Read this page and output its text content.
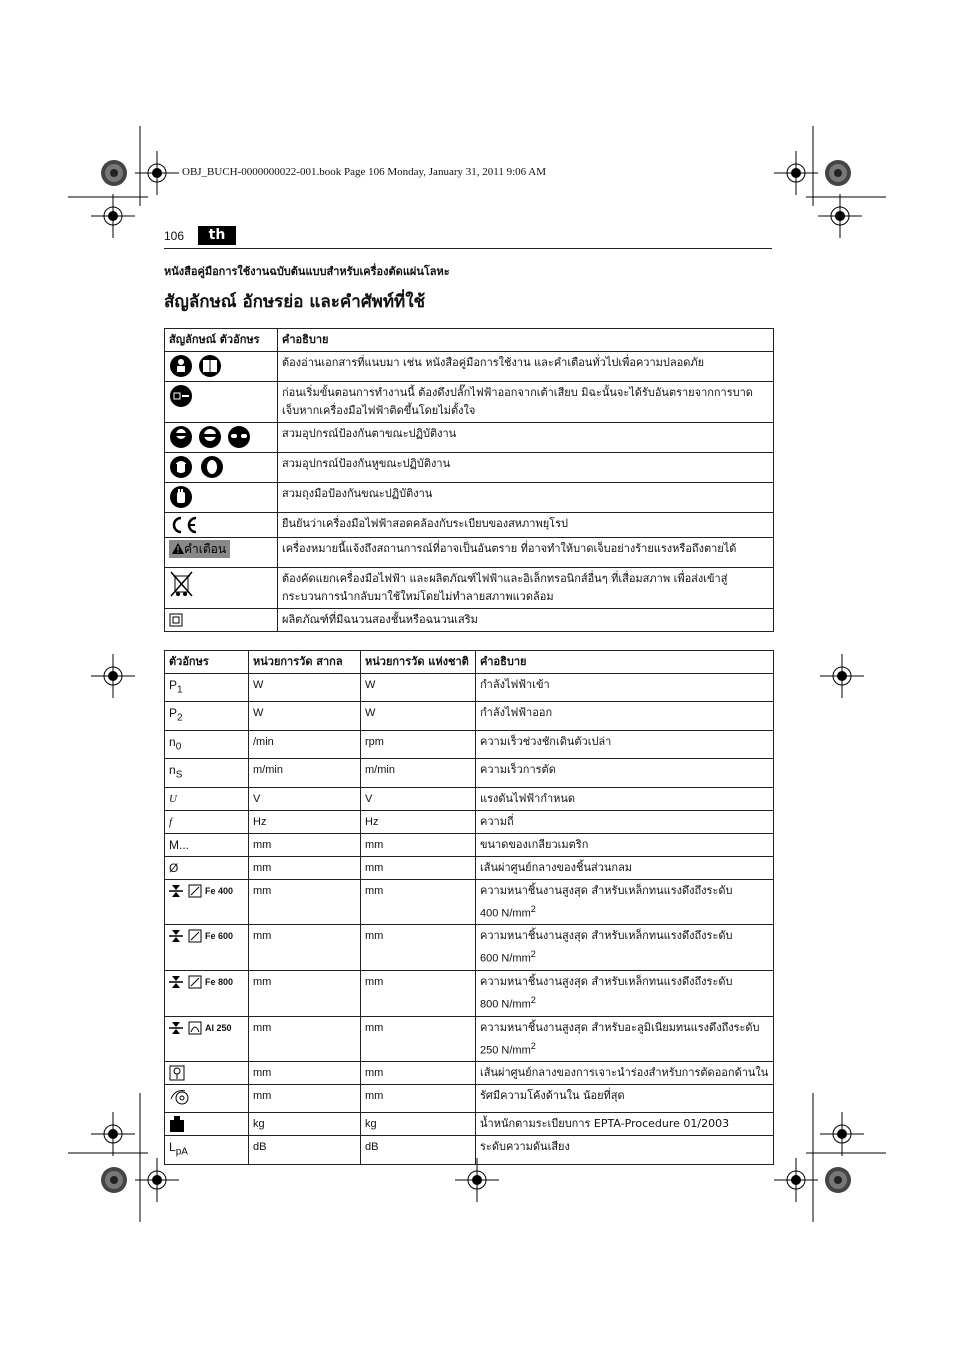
OBJ_BUCH-0000000022-001.book Page 106 Monday, January 31, 2011 9:06 AM
106	th
หนังสือคู่มือการใช้งานฉบับต้นแบบสำหรับเครื่องตัดแผ่นโลหะ
สัญลักษณ์ อักษรย่อ และคำศัพท์ที่ใช้
สัญลักษณ์ ตัวอักษร	คำอธิบาย
	ต้องอ่านเอกสารที่แนบมา เช่น หนังสือคู่มือการใช้งาน และคำเตือนทั่วไปเพื่อความปลอดภัย
	ก่อนเริ่มขั้นตอนการทำงานนี้ ต้องดึงปลั๊กไฟฟ้าออกจากเต้าเสียบ มิฉะนั้นจะได้รับอันตรายจากการบาดเจ็บหากเครื่องมือไฟฟ้าติดขึ้นโดยไม่ตั้งใจ
	สวมอุปกรณ์ป้องกันตาขณะปฏิบัติงาน
	สวมอุปกรณ์ป้องกันหูขณะปฏิบัติงาน
	สวมถุงมือป้องกันขณะปฏิบัติงาน
	ยืนยันว่าเครื่องมือไฟฟ้าสอดคล้องกับระเบียบของสหภาพยุโรป
คำเตือน	เครื่องหมายนี้แจ้งถึงสถานการณ์ที่อาจเป็นอันตราย ที่อาจทำให้บาดเจ็บอย่างร้ายแรงหรือถึงตายได้
	ต้องคัดแยกเครื่องมือไฟฟ้า และผลิตภัณฑ์ไฟฟ้าและอิเล็กทรอนิกส์อื่นๆ ที่เสื่อมสภาพ เพื่อส่งเข้าสู่กระบวนการนำกลับมาใช้ใหม่โดยไม่ทำลายสภาพแวดล้อม
	ผลิตภัณฑ์ที่มีฉนวนสองชั้นหรือฉนวนเสริม
ตัวอักษร	หน่วยการวัด สากล	หน่วยการวัด แห่งชาติ	คำอธิบาย
$P_1$	W	W	กำลังไฟฟ้าเข้า
$P_2$	W	W	กำลังไฟฟ้าออก
$n_0$	/min	rpm	ความเร็วช่วงชักเดินตัวเปล่า
$n_S$	m/min	m/min	ความเร็วการตัด
U	V	V	แรงดันไฟฟ้ากำหนด
f	Hz	Hz	ความถี่
M...	mm	mm	ขนาดของเกลียวเมตริก
Ø	mm	mm	เส้นผ่าศูนย์กลางของชิ้นส่วนกลม
Fe 400	mm	mm	ความหนาชิ้นงานสูงสุด สำหรับเหล็กทนแรงดึงถึงระดับ
400 $N/mm^2$
Fe 600	mm	mm	ความหนาชิ้นงานสูงสุด สำหรับเหล็กทนแรงดึงถึงระดับ
600 $N/mm^2$
Fe 800	mm	mm	ความหนาชิ้นงานสูงสุด สำหรับเหล็กทนแรงดึงถึงระดับ
800 $N/mm^2$
Al 250	mm	mm	ความหนาชิ้นงานสูงสุด สำหรับอะลูมิเนียมทนแรงดึงถึงระดับ
250 $N/mm^2$
	mm	mm	เส้นผ่าศูนย์กลางของการเจาะนำร่องสำหรับการตัดออกด้านใน
	mm	mm	รัศมีความโค้งด้านใน น้อยที่สุด
	kg	kg	น้ำหนักตามระเบียบการ EPTA-Procedure 01/2003
$L_{pA}$	dB	dB	ระดับความดันเสียง
